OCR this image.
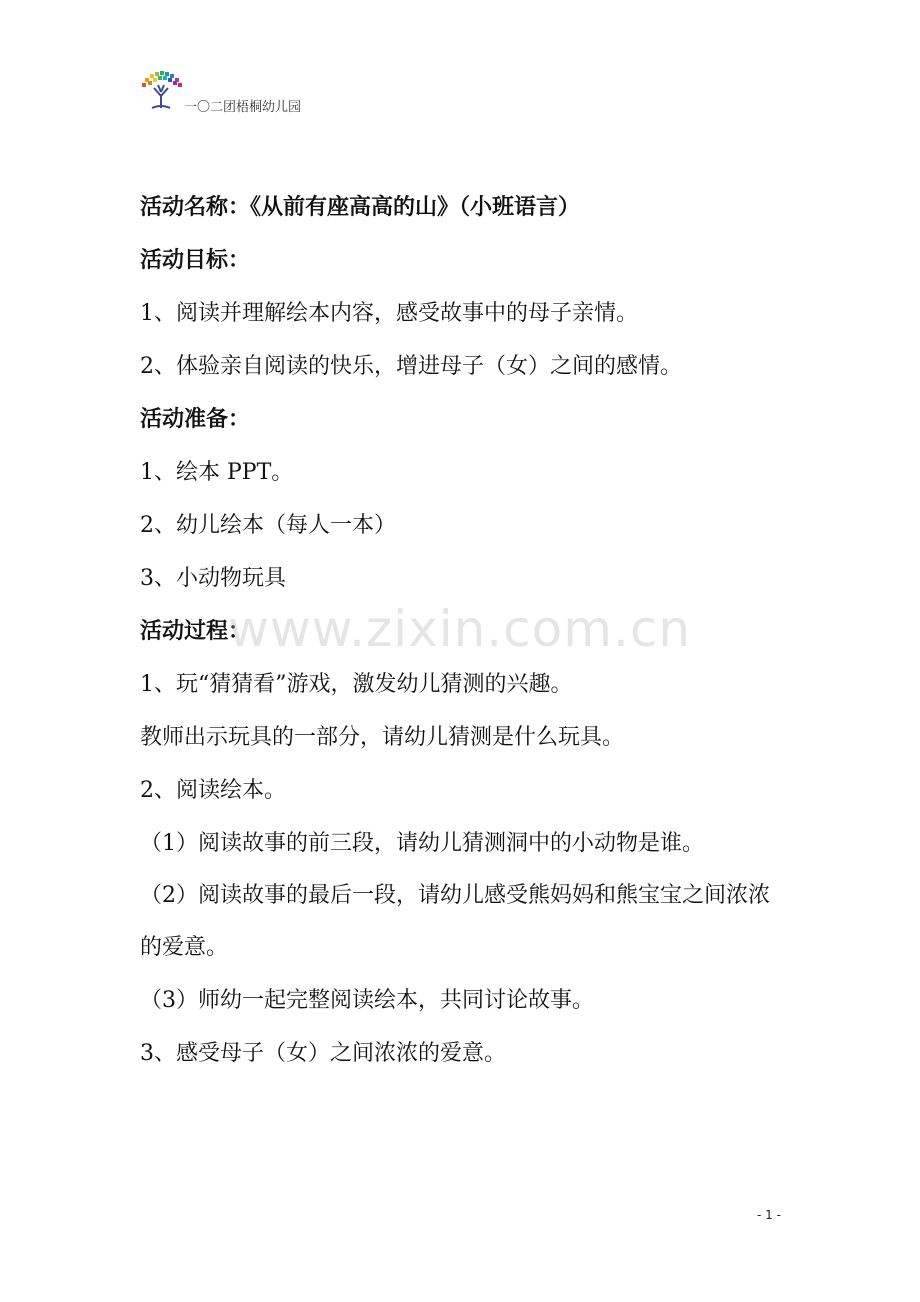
一〇二团梧桐幼儿园
活动名称：《从前有座高高的山》（小班语言）
活动目标：
1、阅读并理解绘本内容，感受故事中的母子亲情。
2、体验亲自阅读的快乐，增进母子（女）之间的感情。
活动准备：
1、绘本 PPT。
2、幼儿绘本（每人一本）
3、小动物玩具
活动过程：
1、玩“猜猜看”游戏，激发幼儿猜测的兴趣。
教师出示玩具的一部分，请幼儿猜测是什么玩具。
2、阅读绘本。
（1）阅读故事的前三段，请幼儿猜测洞中的小动物是谁。
（2）阅读故事的最后一段，请幼儿感受熊妈妈和熊宝宝之间浓浓的爱意。
（3）师幼一起完整阅读绘本，共同讨论故事。
3、感受母子（女）之间浓浓的爱意。
www.zixin.com.cn
- 1 -
